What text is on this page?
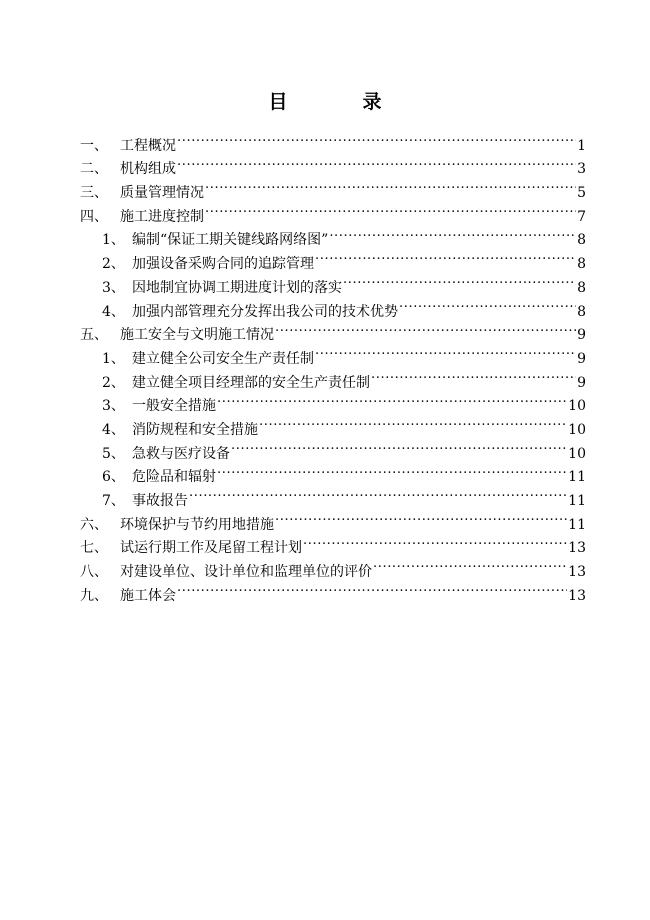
目　录
一、 工程概况 .....	1
二、 机构组成 .....	3
三、 质量管理情况 .....	5
四、 施工进度控制 .....	7
1、 编制“保证工期关键线路网络图” .....	8
2、 加强设备采购合同的追踪管理 .....	8
3、 因地制宜协调工期进度计划的落实 .....	8
4、 加强内部管理充分发挥出我公司的技术优势 .....	8
五、 施工安全与文明施工情况 .....	9
1、 建立健全公司安全生产责任制 .....	9
2、 建立健全项目经理部的安全生产责任制 .....	9
3、 一般安全措施 .....	10
4、 消防规程和安全措施 .....	10
5、 急救与医疗设备 .....	10
6、 危险品和辐射 .....	11
7、 事故报告 .....	11
六、 环境保护与节约用地措施 .....	11
七、 试运行期工作及尾留工程计划 .....	13
八、 对建设单位、设计单位和监理单位的评价 .....	13
九、 施工体会 .....	13
